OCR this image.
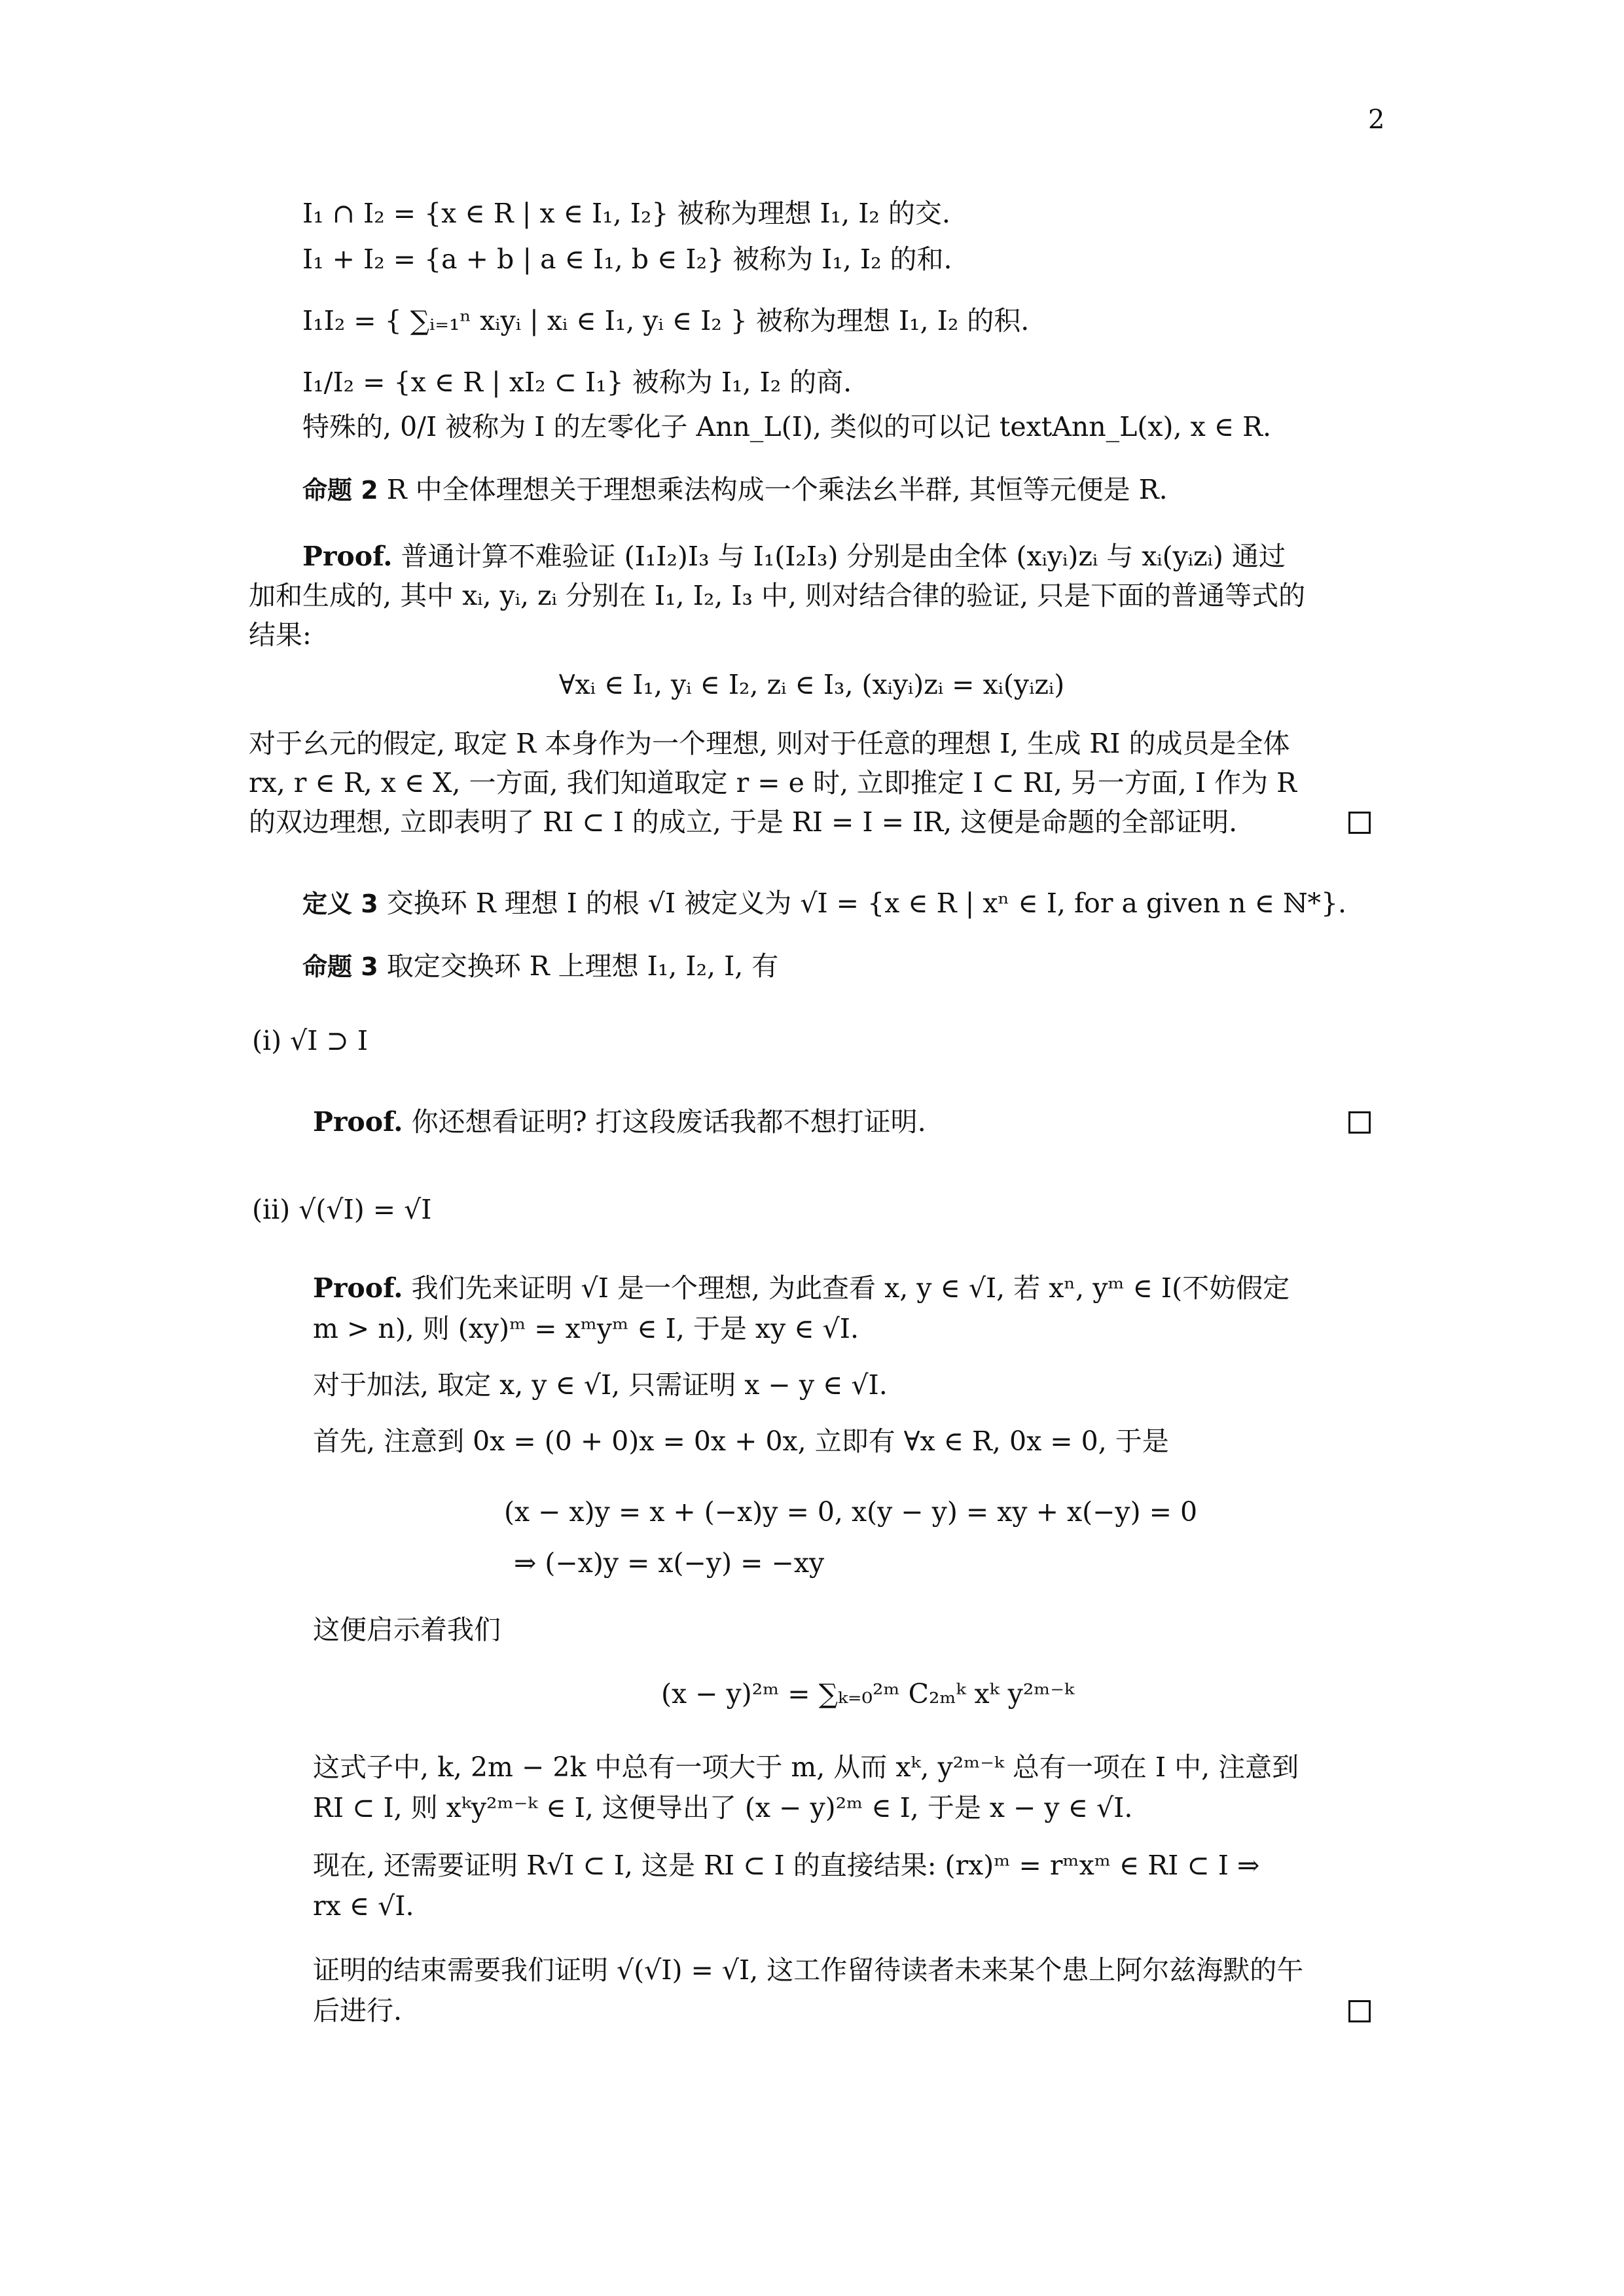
2
I₁ ∩ I₂ = {x ∈ R | x ∈ I₁, I₂} 被称为理想 I₁, I₂ 的交.
I₁ + I₂ = {a + b | a ∈ I₁, b ∈ I₂} 被称为 I₁, I₂ 的和.
I₁I₂ = { ∑ᵢ₌₁ⁿ xᵢyᵢ | xᵢ ∈ I₁, yᵢ ∈ I₂ } 被称为理想 I₁, I₂ 的积.
I₁/I₂ = {x ∈ R | xI₂ ⊂ I₁} 被称为 I₁, I₂ 的商.
特殊的, 0/I 被称为 I 的左零化子 Ann_L(I), 类似的可以记 textAnn_L(x), x ∈ R.
命题 2 R 中全体理想关于理想乘法构成一个乘法幺半群, 其恒等元便是 R.
Proof. 普通计算不难验证 (I₁I₂)I₃ 与 I₁(I₂I₃) 分别是由全体 (xᵢyᵢ)zᵢ 与 xᵢ(yᵢzᵢ) 通过
加和生成的, 其中 xᵢ, yᵢ, zᵢ 分别在 I₁, I₂, I₃ 中, 则对结合律的验证, 只是下面的普通等式的
结果:
∀xᵢ ∈ I₁, yᵢ ∈ I₂, zᵢ ∈ I₃, (xᵢyᵢ)zᵢ = xᵢ(yᵢzᵢ)
对于幺元的假定, 取定 R 本身作为一个理想, 则对于任意的理想 I, 生成 RI 的成员是全体
rx, r ∈ R, x ∈ X, 一方面, 我们知道取定 r = e 时, 立即推定 I ⊂ RI, 另一方面, I 作为 R
的双边理想, 立即表明了 RI ⊂ I 的成立, 于是 RI = I = IR, 这便是命题的全部证明.
定义 3 交换环 R 理想 I 的根 √I 被定义为 √I = {x ∈ R | xⁿ ∈ I, for a given n ∈ ℕ*}.
命题 3 取定交换环 R 上理想 I₁, I₂, I, 有
(i) √I ⊃ I
Proof. 你还想看证明? 打这段废话我都不想打证明.
(ii) √(√I) = √I
Proof. 我们先来证明 √I 是一个理想, 为此查看 x, y ∈ √I, 若 xⁿ, yᵐ ∈ I(不妨假定
m > n), 则 (xy)ᵐ = xᵐyᵐ ∈ I, 于是 xy ∈ √I.
对于加法, 取定 x, y ∈ √I, 只需证明 x − y ∈ √I.
首先, 注意到 0x = (0 + 0)x = 0x + 0x, 立即有 ∀x ∈ R, 0x = 0, 于是
(x − x)y = x + (−x)y = 0, x(y − y) = xy + x(−y) = 0
⇒ (−x)y = x(−y) = −xy
这便启示着我们
(x − y)²ᵐ = ∑ₖ₌₀²ᵐ C₂ₘᵏ xᵏ y²ᵐ⁻ᵏ
这式子中, k, 2m − 2k 中总有一项大于 m, 从而 xᵏ, y²ᵐ⁻ᵏ 总有一项在 I 中, 注意到
RI ⊂ I, 则 xᵏy²ᵐ⁻ᵏ ∈ I, 这便导出了 (x − y)²ᵐ ∈ I, 于是 x − y ∈ √I.
现在, 还需要证明 R√I ⊂ I, 这是 RI ⊂ I 的直接结果: (rx)ᵐ = rᵐxᵐ ∈ RI ⊂ I ⇒
rx ∈ √I.
证明的结束需要我们证明 √(√I) = √I, 这工作留待读者未来某个患上阿尔兹海默的午
后进行.
